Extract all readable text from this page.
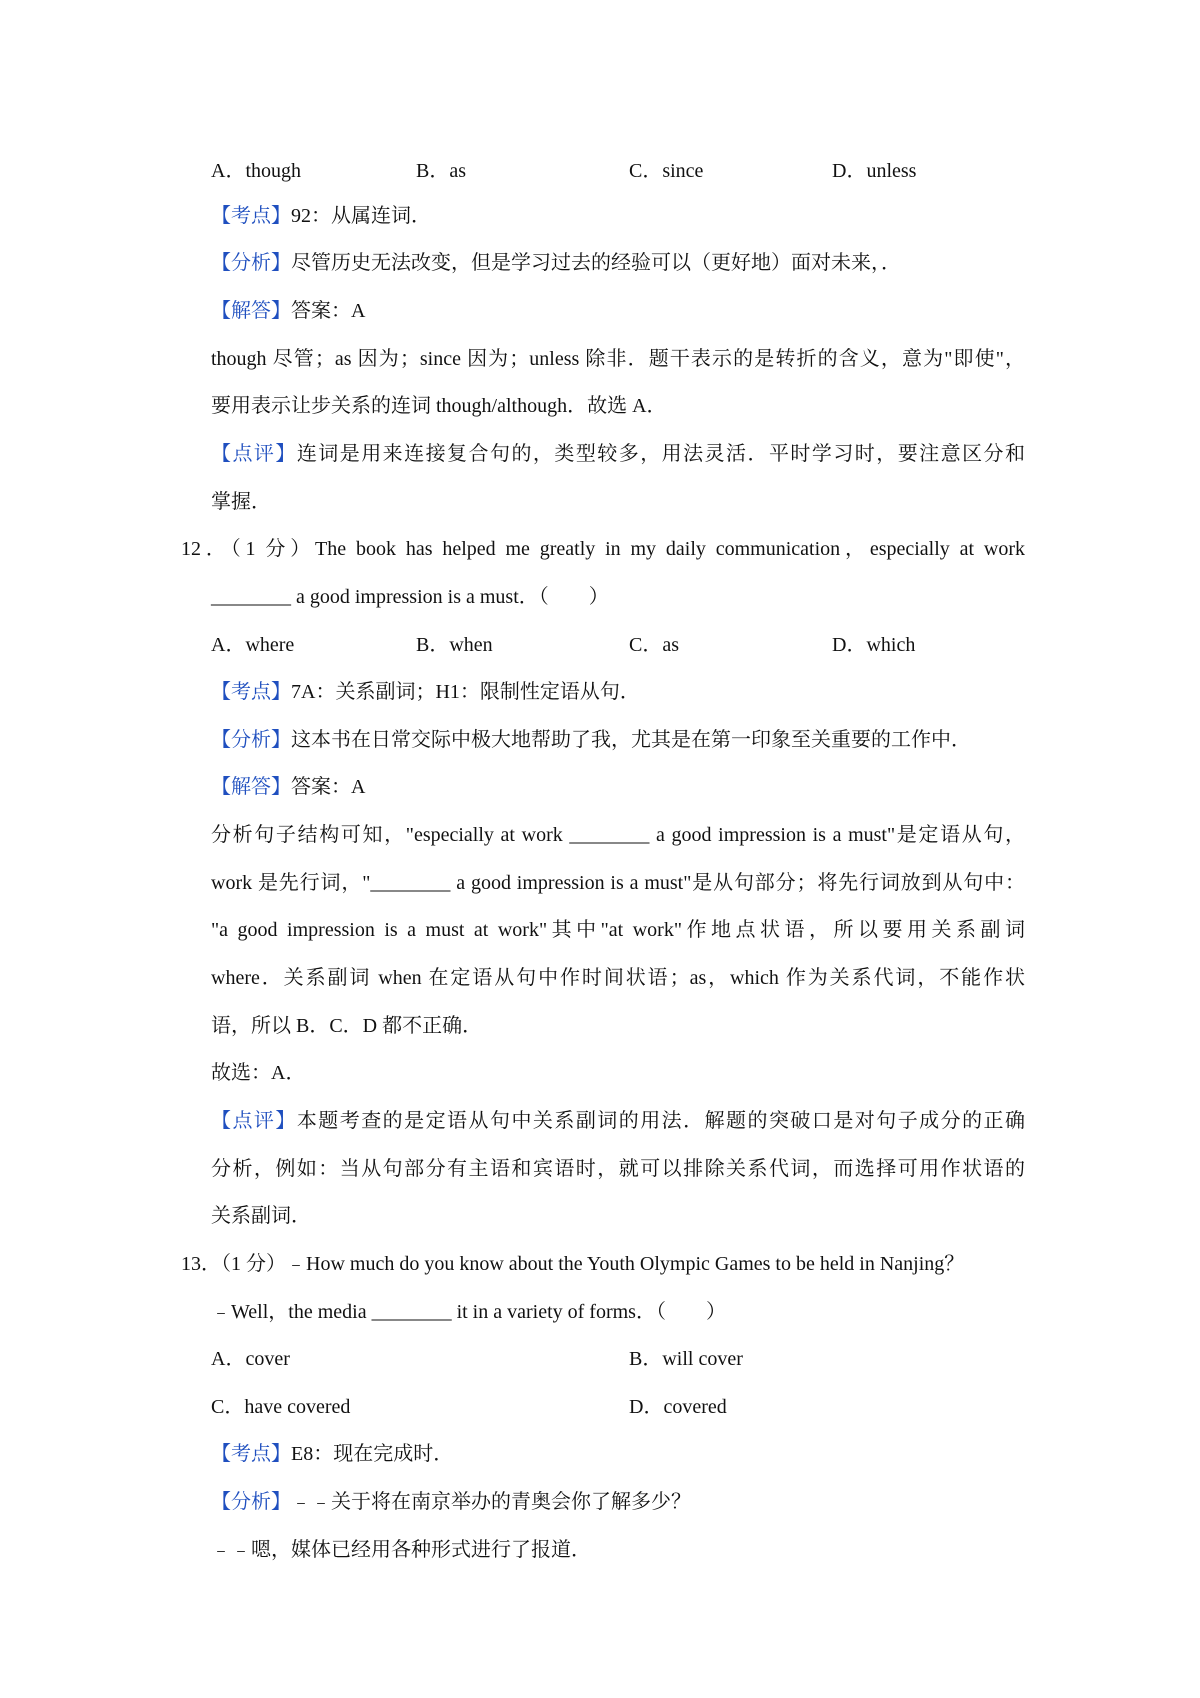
A．though	B．as	C．since	D．unless
【考点】92：从属连词．
【分析】尽管历史无法改变，但是学习过去的经验可以（更好地）面对未来，．
【解答】答案：A
though 尽管；as 因为；since 因为；unless 除非．题干表示的是转折的含义，意为"即使"，
要用表示让步关系的连词 though/although．故选 A．
【点评】连词是用来连接复合句的，类型较多，用法灵活．平时学习时，要注意区分和
掌握．
12．（1 分）The book has helped me greatly in my daily communication，especially at work
________ a good impression is a must．（　　）
A．where	B．when	C．as	D．which
【考点】7A：关系副词；H1：限制性定语从句．
【分析】这本书在日常交际中极大地帮助了我，尤其是在第一印象至关重要的工作中．
【解答】答案：A
分析句子结构可知，"especially at work ________ a good impression is a must"是定语从句，
work 是先行词，"________ a good impression is a must"是从句部分；将先行词放到从句中：
"a good impression is a must at work"其中"at work"作地点状语，所以要用关系副词
where．关系副词 when 在定语从句中作时间状语；as，which 作为关系代词，不能作状
语，所以 B．C．D 都不正确．
故选：A．
【点评】本题考查的是定语从句中关系副词的用法．解题的突破口是对句子成分的正确
分析，例如：当从句部分有主语和宾语时，就可以排除关系代词，而选择可用作状语的
关系副词．
13．（1 分）﹣How much do you know about the Youth Olympic Games to be held in Nanjing？
﹣Well，the media ________ it in a variety of forms．（　　）
A．cover	B．will cover
C．have covered	D．covered
【考点】E8：现在完成时．
【分析】﹣﹣关于将在南京举办的青奥会你了解多少？
﹣﹣嗯，媒体已经用各种形式进行了报道．
